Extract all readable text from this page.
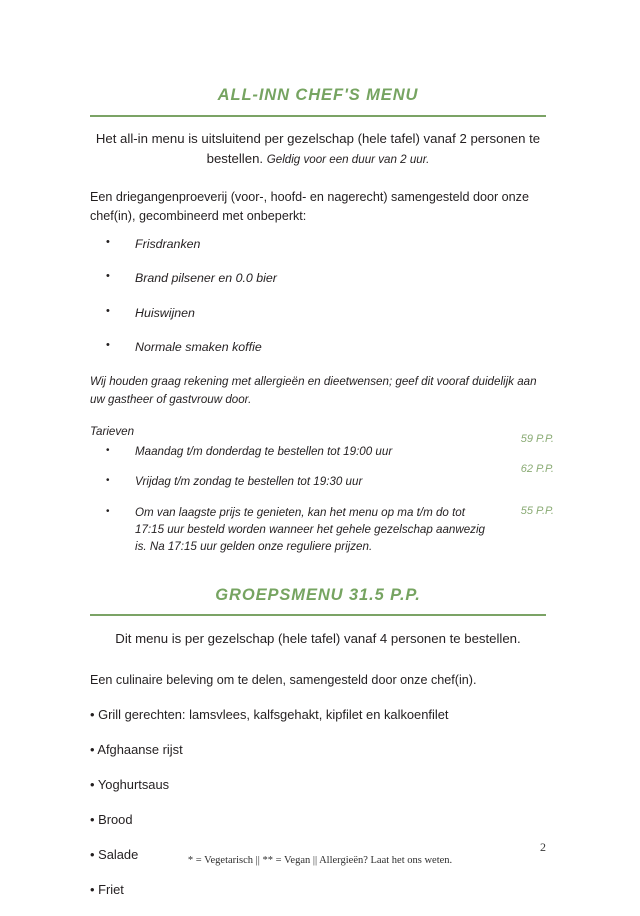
ALL-INN CHEF'S MENU

Het all-in menu is uitsluitend per gezelschap (hele tafel) vanaf 2 personen te bestellen. Geldig voor een duur van 2 uur.

Een driegangenproeverij (voor-, hoofd- en nagerecht) samengesteld door onze chef(in), gecombineerd met onbeperkt:

• Frisdranken
• Brand pilsener en 0.0 bier
• Huiswijnen
• Normale smaken koffie

Wij houden graag rekening met allergieën en dieetwensen; geef dit vooraf duidelijk aan uw gastheer of gastvrouw door.

Tarieven

• Maandag t/m donderdag te bestellen tot 19:00 uur
59 P.P.
• Vrijdag t/m zondag te bestellen tot 19:30 uur
62 P.P.
• Om van laagste prijs te genieten, kan het menu op ma t/m do tot 17:15 uur besteld worden wanneer het gehele gezelschap aanwezig is. Na 17:15 uur gelden onze reguliere prijzen.
55 P.P.
GROEPSMENU 31.5 P.P.

Dit menu is per gezelschap (hele tafel) vanaf 4 personen te bestellen.

Een culinaire beleving om te delen, samengesteld door onze chef(in).

• Grill gerechten: lamsvlees, kalfsgehakt, kipfilet en kalkoenfilet
• Afghaanse rijst
• Yoghurtsaus
• Brood
• Salade
• Friet
2
* = Vegetarisch || ** = Vegan || Allergieën? Laat het ons weten.
